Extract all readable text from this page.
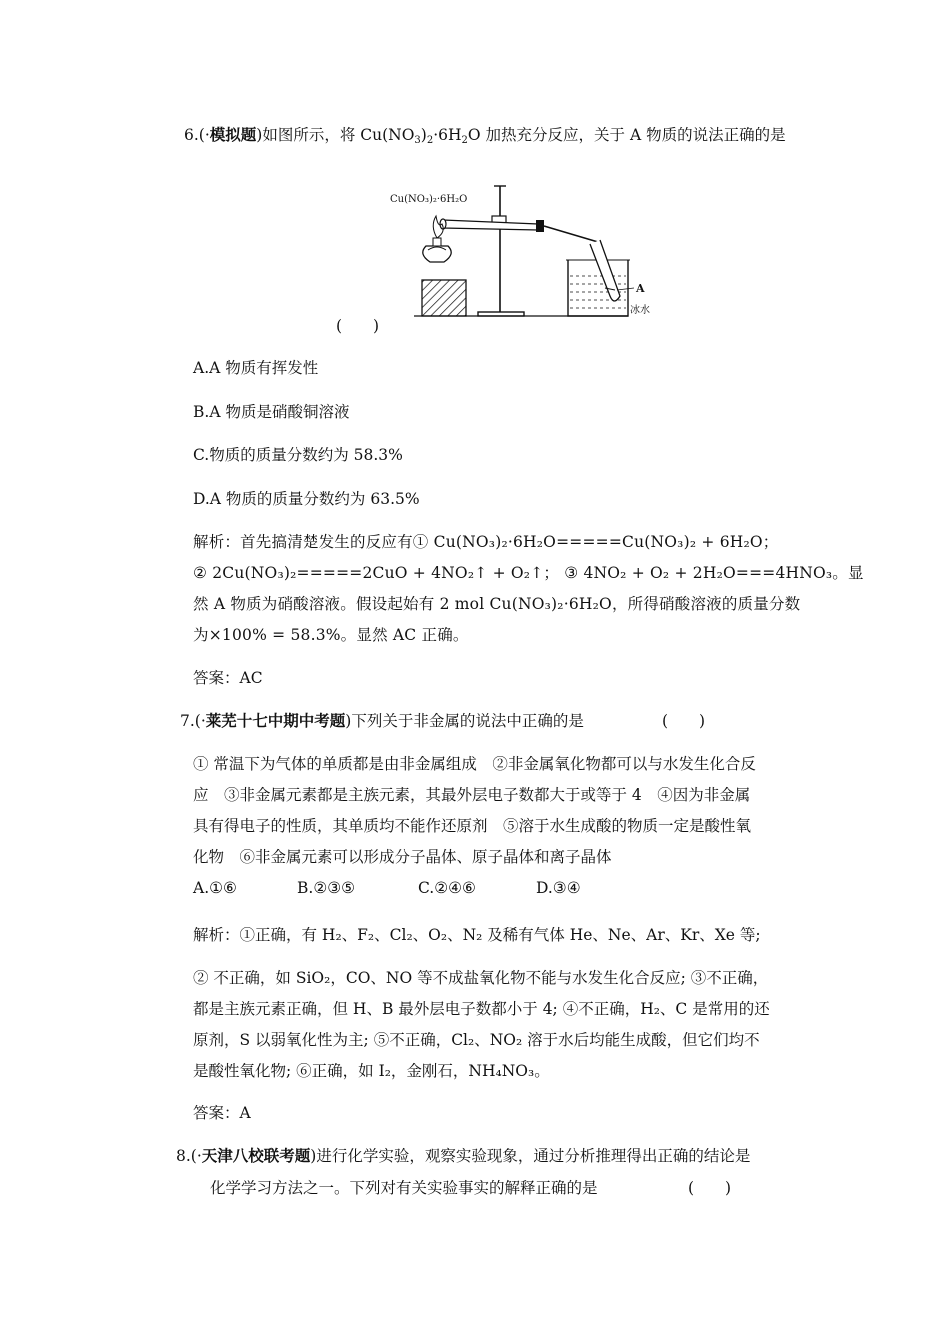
6.(·模拟题)如图所示，将 $Cu(NO_3)_2\cdot 6H_2O$ 加热充分反应，关于 A 物质的说法正确的是
Cu(NO₃)₂·6H₂O
A
冰水
(　　)
A.A 物质有挥发性
B.A 物质是硝酸铜溶液
C.物质的质量分数约为 58.3%
D.A 物质的质量分数约为 63.5%
解析：首先搞清楚发生的反应有① Cu(NO₃)₂·6H₂O=====Cu(NO₃)₂ + 6H₂O；
② 2Cu(NO₃)₂=====2CuO + 4NO₂↑ + O₂↑； ③ 4NO₂ + O₂ + 2H₂O===4HNO₃。显
然 A 物质为硝酸溶液。假设起始有 2 mol Cu(NO₃)₂·6H₂O，所得硝酸溶液的质量分数
为×100% = 58.3%。显然 AC 正确。
答案：AC
7.(·莱芜十七中期中考题)下列关于非金属的说法中正确的是	(　　)
① 常温下为气体的单质都是由非金属组成　②非金属氧化物都可以与水发生化合反
应　③非金属元素都是主族元素，其最外层电子数都大于或等于 4　④因为非金属
具有得电子的性质，其单质均不能作还原剂　⑤溶于水生成酸的物质一定是酸性氧
化物　⑥非金属元素可以形成分子晶体、原子晶体和离子晶体
A.①⑥	B.②③⑤	C.②④⑥	D.③④
解析：①正确，有 H₂、F₂、Cl₂、O₂、N₂ 及稀有气体 He、Ne、Ar、Kr、Xe 等;
② 不正确，如 SiO₂，CO、NO 等不成盐氧化物不能与水发生化合反应; ③不正确，
都是主族元素正确，但 H、B 最外层电子数都小于 4; ④不正确，H₂、C 是常用的还
原剂，S 以弱氧化性为主; ⑤不正确，Cl₂、NO₂ 溶于水后均能生成酸，但它们均不
是酸性氧化物; ⑥正确，如 I₂，金刚石，NH₄NO₃。
答案：A
8.(·天津八校联考题)进行化学实验，观察实验现象，通过分析推理得出正确的结论是
化学学习方法之一。下列对有关实验事实的解释正确的是	(　　)
